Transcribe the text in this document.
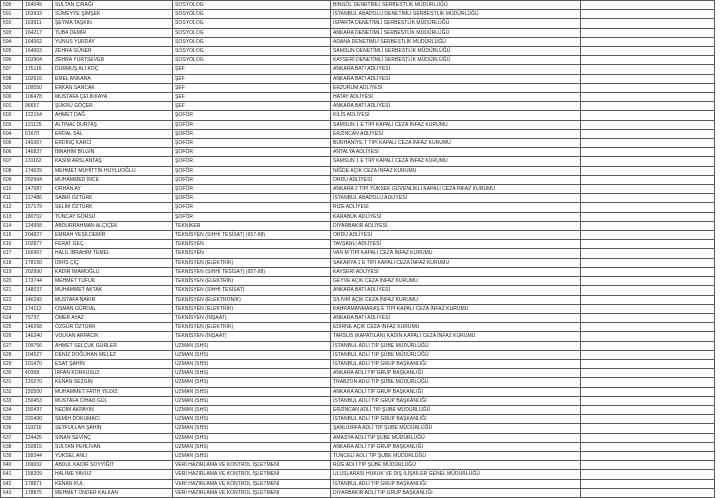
590	164049	SULTAN ÇIRAĞI	SOSYOLOG	BİNGÖL DENETİMLİ SERBESTLİK MÜDÜRLÜĞÜ	
591	163933	SÜMEYYE ŞİMŞEK	SOSYOLOG	İSTANBUL ANADOLU DENETİMLİ SERBESTLİK MÜDÜRLÜĞÜ	
592	163911	ŞEYMA TAŞKIN	SOSYOLOG	ISPARTA DENETİMLİ SERBESTLİK MÜDÜRLÜĞÜ	
593	164217	TUBA DEMİR	SOSYOLOG	ANKARA DENETİMLİ SERBESTLİK MÜDÜRLÜĞÜ	
594	164062	YUNUS YURDAY	SOSYOLOG	ADANA DENETİMLİ SERBESTLİK MÜDÜRLÜĞÜ	
595	164003	ZEHRA GÜNER	SOSYOLOG	SAMSUN DENETİMLİ SERBESTLİK MÜDÜRLÜĞÜ	
596	163904	ZEHRA YURTSEVER	SOSYOLOG	KAYSERİ DENETİMLİ SERBESTLİK MÜDÜRLÜĞÜ	
597	175115	DURMUŞ ALİ KOÇ	ŞEF	ANKARA BATI ADLİYESİ	
598	102616	EMEL ANKARA	ŞEF	ANKARA BATI ADLİYESİ	
599	109550	ERKAN SANCAK	ŞEF	ERZURUM ADLİYESİ	
600	106478	MUSTAFA ÇELİKKAYA	ŞEF	HATAY ADLİYESİ	
601	96657	ŞÜKRÜ GÖÇER	ŞEF	ANKARA BATI ADLİYESİ	
602	122154	AHMET DAĞ	ŞOFÖR	KİLİS ADLİYESİ	
603	121125	ALTINAL DURTAŞ	ŞOFÖR	SAMSUN 1 E TİPİ KAPALI CEZA İNFAZ KURUMU	
604	61670	ERDAL SAL	ŞOFÖR	ERZİNCAN ADLİYESİ	
605	140367	ERDİNÇ KARCI	ŞOFÖR	BURHANİYE T TİPİ KAPALI CEZA İNFAZ KURUMU	
606	146837	İBRAHİM BİLGİN	ŞOFÖR	ANTALYA ADLİYESİ	
607	131162	KASIM ARSLANTAŞ	ŞOFÖR	SAMSUN 1 E TİPİ KAPALI CEZA İNFAZ KURUMU	
608	174029	MEHMET MUHİTTİN HUYLUOĞLU	ŞOFÖR	NİĞDE AÇIK CEZA İNFAZ KURUMU	
609	202994	MUHAMMED İNCE	ŞOFÖR	ORDU ADLİYESİ	
610	147087	ORHAN AY	ŞOFÖR	ANKARA 2 TİPİ YÜKSEK GÜVENLİKLİ KAPALI CEZA İNFAZ KURUMU	
611	127486	SABRİ ÖZTÜRK	ŞOFÖR	İSTANBUL ANADOLU ADLİYESİ	
612	157179	SELİM ÖZTÜRK	ŞOFÖR	RİZE ADLİYESİ	
613	180702	TUNCAY GÖRSU	ŞOFÖR	KARABÜK ADLİYESİ	
614	124958	ABDURRAHMAN ALÇIÇEK	TEKNİKER	DİYARBAKIR ADLİYESİ	
615	204827	EMRAH YEŞİLDEMİR	TEKNİSYEN (SIHHİ TESİSAT) (657-88)	ORDU ADLİYESİ	
616	102877	FERAT GEÇ	TEKNİSYEN	TAVŞANLI ADLİYESİ	
617	166967	HALİL İBRAHİM TEMEL	TEKNİSYEN	VAN M TİPİ KAPALI CEZA İNFAZ KURUMU	
618	178150	İDRİS ÇİÇ	TEKNİSYEN (ELEKTRİK)	SAKARYA 1 E TİPİ KAPALI CEZA İNFAZ KURUMU	
619	202990	KADİR İMAMOĞLU	TEKNİSYEN (SIHHİ TESİSAT) (657-88)	KAYSERİ ADLİYESİ	
620	173744	MEHMET TUFUK	TEKNİSYEN (ELEKTRİK)	GEYVE AÇIK CEZA İNFAZ KURUMU	
621	148037	MUHAMMET AKTAK	TEKNİSYEN (SIHHİ TESİSAT)	ANKARA BATI ADLİYESİ	
622	146242	MUSTAFA NAKIR	TEKNİSYEN (ELEKTRONİK)	SİLİVRİ AÇIK CEZA İNFAZ KURUMU	
623	174112	OSMAN GÜRDAL	TEKNİSYEN (ELEKTRİK)	KAHRAMANMARAŞ E TİPİ KAPALI CEZA İNFAZ KURUMU	
624	79737	ÖMER AYAZ	TEKNİSYEN (İNŞAAT)	ANKARA BATI ADLİYESİ	
625	146268	ÖZGÜR ÖZTÜRK	TEKNİSYEN (ELEKTRİK)	EDİRNE AÇIK CEZA İNFAZ KURUMU	
626	146240	VOLKAN ARPACIK	TEKNİSYEN (İNŞAAT)	TARSUS (KAPATILAN) KADIN KAPALI CEZA İNFAZ KURUMU	
627	109756	AHMET SELÇUK GÜRLER	UZMAN (SHS)	İSTANBUL ADLİ TIP ŞUBE MÜDÜRLÜĞÜ	
628	104527	DENİZ DOĞUHAN MELEZ	UZMAN (SHS)	İSTANBUL ADLİ TIP ŞUBE MÜDÜRLÜĞÜ	
629	101470	ESAT ŞAHİN	UZMAN (SHS)	İSTANBUL ADLİ TIP GRUP BAŞKANLIĞI	
630	40368	İRFAN KORKUSUZ	UZMAN (SHS)	ANKARA ADLİ TIP GRUP BAŞKANLIĞI	
631	120270	KENAN SEZGİN	UZMAN (SHS)	TRABZON ADLİ TIP ŞUBE MÜDÜRLÜĞÜ	
632	150500	MUHAMMET FATİH YILDIZ	UZMAN (SHS)	ANKARA ADLİ TIP GRUP BAŞKANLIĞI	
633	150453	MUSTAFA CİHAD GÜL	UZMAN (SHS)	İSTANBUL ADLİ TIP GRUP BAŞKANLIĞI	
634	150437	NEDİM AKPAYIN	UZMAN (SHS)	ERZİNCAN ADLİ TIP ŞUBE MÜDÜRLÜĞÜ	
635	220490	SEMİH DOKUMACI	UZMAN (SHS)	İSTANBUL ADLİ TIP GRUP BAŞKANLIĞI	
636	119216	SEYFULLAH ŞAHİN	UZMAN (SHS)	ŞANLIURFA ADLİ TIP ŞUBE MÜDÜRLÜĞÜ	
637	124425	SİNAN SEVİNÇ	UZMAN (SHS)	AMASYA ADLİ TIP ŞUBE MÜDÜRLÜĞÜ	
638	150815	SULTAN PEHLİVAN	UZMAN (SHS)	ANKARA ADLİ TIP GRUP BAŞKANLIĞI	
639	199344	YÜKSEL ANLI	UZMAN (SHS)	TUNCELİ ADLİ TIP ŞUBE MÜDÜRLÜĞÜ	
640	169002	ABDUL KADİR SOYYİĞİT	VERİ HAZIRLAMA VE KONTROL İŞLETMENİ	RİZE ADLİ TIP ŞUBE MÜDÜRLÜĞÜ	
641	158209	HALİME YAVUZ	VERİ HAZIRLAMA VE KONTROL İŞLETMENİ	ULUSLARASI HUKUK VE DIŞ İLİŞKİLER GENEL MÜDÜRLÜĞÜ	
642	178871	KENAN KUL	VERİ HAZIRLAMA VE KONTROL İŞLETMENİ	İSTANBUL ADLİ TIP GRUP BAŞKANLIĞI	
643	178875	MEHMET ÖNDER KALKAN	VERİ HAZIRLAMA VE KONTROL İŞLETMENİ	DİYARBAKIR ADLİ TIP GRUP BAŞKANLIĞI	
